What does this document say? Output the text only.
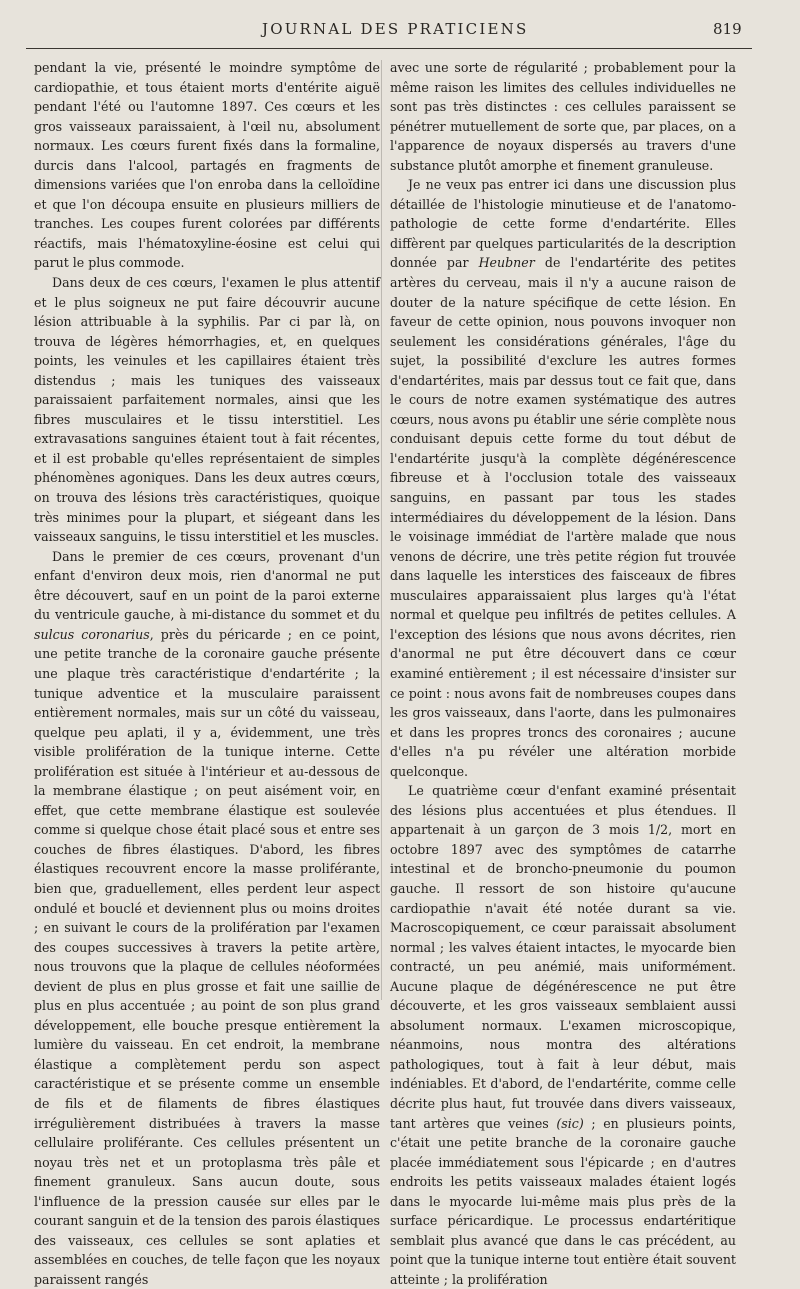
JOURNAL DES PRATICIENS	819

pendant la vie, présenté le moindre symptôme de cardiopathie, et tous étaient morts d'entérite aiguë pendant l'été ou l'automne 1897. Ces cœurs et les gros vaisseaux paraissaient, à l'œil nu, absolument normaux. Les cœurs furent fixés dans la formaline, durcis dans l'alcool, partagés en fragments de dimensions variées que l'on enroba dans la celloïdine et que l'on découpa ensuite en plusieurs milliers de tranches. Les coupes furent colorées par différents réactifs, mais l'hématoxyline-éosine est celui qui parut le plus commode.

Dans deux de ces cœurs, l'examen le plus attentif et le plus soigneux ne put faire découvrir aucune lésion attribuable à la syphilis. Par ci par là, on trouva de légères hémorrhagies, et, en quelques points, les veinules et les capillaires étaient très distendus ; mais les tuniques des vaisseaux paraissaient parfaitement normales, ainsi que les fibres musculaires et le tissu interstitiel. Les extravasations sanguines étaient tout à fait récentes, et il est probable qu'elles représentaient de simples phénomènes agoniques. Dans les deux autres cœurs, on trouva des lésions très caractéristiques, quoique très minimes pour la plupart, et siégeant dans les vaisseaux sanguins, le tissu interstitiel et les muscles.

Dans le premier de ces cœurs, provenant d'un enfant d'environ deux mois, rien d'anormal ne put être découvert, sauf en un point de la paroi externe du ventricule gauche, à mi-distance du sommet et du sulcus coronarius, près du péricarde ; en ce point, une petite tranche de la coronaire gauche présente une plaque très caractéristique d'endartérite ; la tunique adventice et la musculaire paraissent entièrement normales, mais sur un côté du vaisseau, quelque peu aplati, il y a, évidemment, une très visible prolifération de la tunique interne. Cette prolifération est située à l'intérieur et au-dessous de la membrane élastique ; on peut aisément voir, en effet, que cette membrane élastique est soulevée comme si quelque chose était placé sous et entre ses couches de fibres élastiques. D'abord, les fibres élastiques recouvrent encore la masse proliférante, bien que, graduellement, elles perdent leur aspect ondulé et bouclé et deviennent plus ou moins droites ; en suivant le cours de la prolifération par l'examen des coupes successives à travers la petite artère, nous trouvons que la plaque de cellules néoformées devient de plus en plus grosse et fait une saillie de plus en plus accentuée ; au point de son plus grand développement, elle bouche presque entièrement la lumière du vaisseau. En cet endroit, la membrane élastique a complètement perdu son aspect caractéristique et se présente comme un ensemble de fils et de filaments de fibres élastiques irrégulièrement distribuées à travers la masse cellulaire proliférante. Ces cellules présentent un noyau très net et un protoplasma très pâle et finement granuleux. Sans aucun doute, sous l'influence de la pression causée sur elles par le courant sanguin et de la tension des parois élastiques des vaisseaux, ces cellules se sont aplaties et assemblées en couches, de telle façon que les noyaux paraissent rangés

avec une sorte de régularité ; probablement pour la même raison les limites des cellules individuelles ne sont pas très distinctes : ces cellules paraissent se pénétrer mutuellement de sorte que, par places, on a l'apparence de noyaux dispersés au travers d'une substance plutôt amorphe et finement granuleuse.

Je ne veux pas entrer ici dans une discussion plus détaillée de l'histologie minutieuse et de l'anatomo-pathologie de cette forme d'endartérite. Elles diffèrent par quelques particularités de la description donnée par Heubner de l'endartérite des petites artères du cerveau, mais il n'y a aucune raison de douter de la nature spécifique de cette lésion. En faveur de cette opinion, nous pouvons invoquer non seulement les considérations générales, l'âge du sujet, la possibilité d'exclure les autres formes d'endartérites, mais par dessus tout ce fait que, dans le cours de notre examen systématique des autres cœurs, nous avons pu établir une série complète nous conduisant depuis cette forme du tout début de l'endartérite jusqu'à la complète dégénérescence fibreuse et à l'occlusion totale des vaisseaux sanguins, en passant par tous les stades intermédiaires du développement de la lésion. Dans le voisinage immédiat de l'artère malade que nous venons de décrire, une très petite région fut trouvée dans laquelle les interstices des faisceaux de fibres musculaires apparaissaient plus larges qu'à l'état normal et quelque peu infiltrés de petites cellules. A l'exception des lésions que nous avons décrites, rien d'anormal ne put être découvert dans ce cœur examiné entièrement ; il est nécessaire d'insister sur ce point : nous avons fait de nombreuses coupes dans les gros vaisseaux, dans l'aorte, dans les pulmonaires et dans les propres troncs des coronaires ; aucune d'elles n'a pu révéler une altération morbide quelconque.

Le quatrième cœur d'enfant examiné présentait des lésions plus accentuées et plus étendues. Il appartenait à un garçon de 3 mois 1/2, mort en octobre 1897 avec des symptômes de catarrhe intestinal et de broncho-pneumonie du poumon gauche. Il ressort de son histoire qu'aucune cardiopathie n'avait été notée durant sa vie. Macroscopiquement, ce cœur paraissait absolument normal ; les valves étaient intactes, le myocarde bien contracté, un peu anémié, mais uniformément. Aucune plaque de dégénérescence ne put être découverte, et les gros vaisseaux semblaient aussi absolument normaux. L'examen microscopique, néanmoins, nous montra des altérations pathologiques, tout à fait à leur début, mais indéniables. Et d'abord, de l'endartérite, comme celle décrite plus haut, fut trouvée dans divers vaisseaux, tant artères que veines (sic) ; en plusieurs points, c'était une petite branche de la coronaire gauche placée immédiatement sous l'épicarde ; en d'autres endroits les petits vaisseaux malades étaient logés dans le myocarde lui-même mais plus près de la surface péricardique. Le processus endartéritique semblait plus avancé que dans le cas précédent, au point que la tunique interne tout entière était souvent atteinte ; la prolifération
